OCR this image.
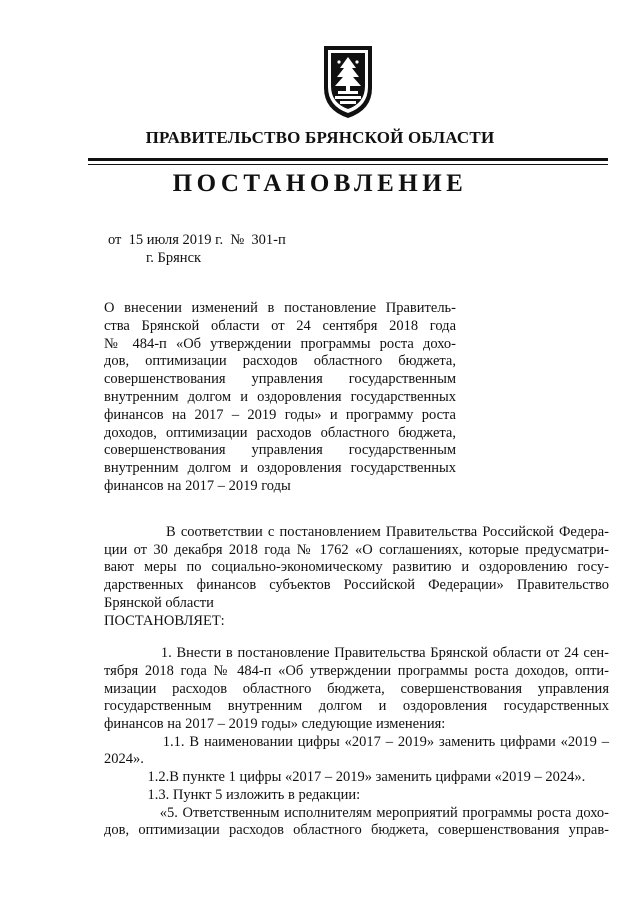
ПРАВИТЕЛЬСТВО БРЯНСКОЙ ОБЛАСТИ
ПОСТАНОВЛЕНИЕ
от  15 июля 2019 г.  №  301-п
г. Брянск
О внесении изменений в постановление Правитель-
ства Брянской области от 24 сентября 2018 года
№ 484-п «Об утверждении программы роста дохо-
дов, оптимизации расходов областного бюджета,
совершенствования управления государственным
внутренним долгом и оздоровления государственных
финансов на 2017 – 2019 годы» и программу роста
доходов, оптимизации расходов областного бюджета,
совершенствования управления государственным
внутренним долгом и оздоровления государственных
финансов на 2017 – 2019 годы
В соответствии с постановлением Правительства Российской Федера-
ции от 30 декабря 2018 года № 1762 «О соглашениях, которые предусматри-
вают меры по социально-экономическому развитию и оздоровлению госу-
дарственных финансов субъектов Российской Федерации» Правительство
Брянской области
ПОСТАНОВЛЯЕТ:
1. Внести в постановление Правительства Брянской области от 24 сен-
тября 2018 года № 484-п «Об утверждении программы роста доходов, опти-
мизации расходов областного бюджета, совершенствования управления
государственным внутренним долгом и оздоровления государственных
финансов на 2017 – 2019 годы» следующие изменения:
1.1. В наименовании цифры «2017 – 2019» заменить цифрами «2019 –
2024».
1.2.В пункте 1 цифры «2017 – 2019» заменить цифрами «2019 – 2024».
1.3. Пункт 5 изложить в редакции:
«5. Ответственным исполнителям мероприятий программы роста дохо-
дов, оптимизации расходов областного бюджета, совершенствования управ-
